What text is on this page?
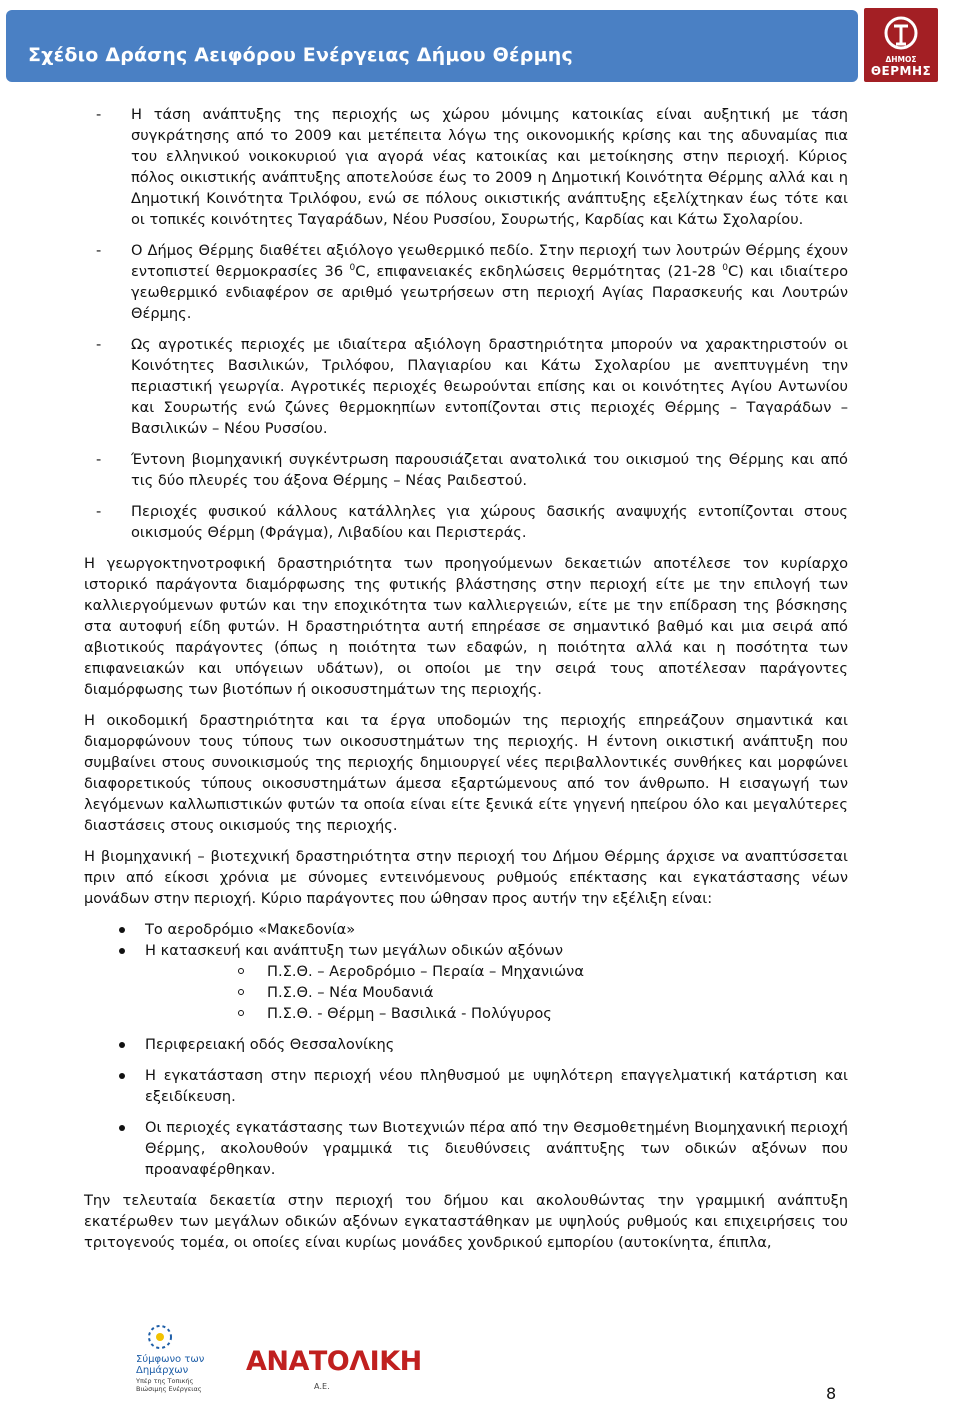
Σχέδιο Δράσης Αειφόρου Ενέργειας Δήμου Θέρμης	ΔΗΜΟΣ
ΘΕΡΜΗΣ
- Η τάση ανάπτυξης της περιοχής ως χώρου μόνιμης κατοικίας είναι αυξητική με τάση συγκράτησης από το 2009 και μετέπειτα λόγω της οικονομικής κρίσης και της αδυναμίας πια του ελληνικού νοικοκυριού για αγορά νέας κατοικίας και μετοίκησης στην περιοχή. Κύριος πόλος οικιστικής ανάπτυξης αποτελούσε έως το 2009 η Δημοτική Κοινότητα Θέρμης αλλά και η Δημοτική Κοινότητα Τριλόφου, ενώ σε πόλους οικιστικής ανάπτυξης εξελίχτηκαν έως τότε και οι τοπικές κοινότητες Ταγαράδων, Νέου Ρυσσίου, Σουρωτής, Καρδίας και Κάτω Σχολαρίου.
- Ο Δήμος Θέρμης διαθέτει αξιόλογο γεωθερμικό πεδίο. Στην περιοχή των λουτρών Θέρμης έχουν εντοπιστεί θερμοκρασίες 36 $^0$C, επιφανειακές εκδηλώσεις θερμότητας (21-28 $^0$C) και ιδιαίτερο γεωθερμικό ενδιαφέρον σε αριθμό γεωτρήσεων στη περιοχή Αγίας Παρασκευής και Λουτρών Θέρμης.
- Ως αγροτικές περιοχές με ιδιαίτερα αξιόλογη δραστηριότητα μπορούν να χαρακτηριστούν οι Κοινότητες Βασιλικών, Τριλόφου, Πλαγιαρίου και Κάτω Σχολαρίου με ανεπτυγμένη την περιαστική γεωργία. Αγροτικές περιοχές θεωρούνται επίσης και οι κοινότητες Αγίου Αντωνίου και Σουρωτής ενώ ζώνες θερμοκηπίων εντοπίζονται στις περιοχές Θέρμης – Ταγαράδων – Βασιλικών – Νέου Ρυσσίου.
- Έντονη βιομηχανική συγκέντρωση παρουσιάζεται ανατολικά του οικισμού της Θέρμης και από τις δύο πλευρές του άξονα Θέρμης – Νέας Ραιδεστού.
- Περιοχές φυσικού κάλλους κατάλληλες για χώρους δασικής αναψυχής εντοπίζονται στους οικισμούς Θέρμη (Φράγμα), Λιβαδίου και Περιστεράς.

Η γεωργοκτηνοτροφική δραστηριότητα των προηγούμενων δεκαετιών αποτέλεσε τον κυρίαρχο ιστορικό παράγοντα διαμόρφωσης της φυτικής βλάστησης στην περιοχή είτε με την επιλογή των καλλιεργούμενων φυτών και την εποχικότητα των καλλιεργειών, είτε με την επίδραση της βόσκησης στα αυτοφυή είδη φυτών. Η δραστηριότητα αυτή επηρέασε σε σημαντικό βαθμό και μια σειρά από αβιοτικούς παράγοντες (όπως η ποιότητα των εδαφών, η ποιότητα αλλά και η ποσότητα των επιφανειακών και υπόγειων υδάτων), οι οποίοι με την σειρά τους αποτέλεσαν παράγοντες διαμόρφωσης των βιοτόπων ή οικοσυστημάτων της περιοχής.

Η οικοδομική δραστηριότητα και τα έργα υποδομών της περιοχής επηρεάζουν σημαντικά και διαμορφώνουν τους τύπους των οικοσυστημάτων της περιοχής. Η έντονη οικιστική ανάπτυξη που συμβαίνει στους συνοικισμούς της περιοχής δημιουργεί νέες περιβαλλοντικές συνθήκες και μορφώνει διαφορετικούς τύπους οικοσυστημάτων άμεσα εξαρτώμενους από τον άνθρωπο. Η εισαγωγή των λεγόμενων καλλωπιστικών φυτών τα οποία είναι είτε ξενικά είτε γηγενή ηπείρου όλο και μεγαλύτερες διαστάσεις στους οικισμούς της περιοχής.

Η βιομηχανική – βιοτεχνική δραστηριότητα στην περιοχή του Δήμου Θέρμης άρχισε να αναπτύσσεται πριν από είκοσι χρόνια με σύνομες εντεινόμενους ρυθμούς επέκτασης και εγκατάστασης νέων μονάδων στην περιοχή. Κύριο παράγοντες που ώθησαν προς αυτήν την εξέλιξη είναι:

Το αεροδρόμιο «Μακεδονία»
Η κατασκευή και ανάπτυξη των μεγάλων οδικών αξόνων
Π.Σ.Θ. – Αεροδρόμιο – Περαία – Μηχανιώνα
Π.Σ.Θ. – Νέα Μουδανιά
Π.Σ.Θ. - Θέρμη – Βασιλικά - Πολύγυρος
Περιφερειακή οδός Θεσσαλονίκης
Η εγκατάσταση στην περιοχή νέου πληθυσμού με υψηλότερη επαγγελματική κατάρτιση και εξειδίκευση.
Οι περιοχές εγκατάστασης των Βιοτεχνιών πέρα από την Θεσμοθετημένη Βιομηχανική περιοχή Θέρμης, ακολουθούν γραμμικά τις διευθύνσεις ανάπτυξης των οδικών αξόνων που προαναφέρθηκαν.

Την τελευταία δεκαετία στην περιοχή του δήμου και ακολουθώντας την γραμμική ανάπτυξη εκατέρωθεν των μεγάλων οδικών αξόνων εγκαταστάθηκαν με υψηλούς ρυθμούς και επιχειρήσεις του τριτογενούς τομέα, οι οποίες είναι κυρίως μονάδες χονδρικού εμπορίου (αυτοκίνητα, έπιπλα,

Σύμφωνο των Δημάρχων
Υπέρ της Τοπικής Βιώσιμης Ενέργειας
ΑΝΑΤΟΛΙΚΗ
Α.Ε.	8
